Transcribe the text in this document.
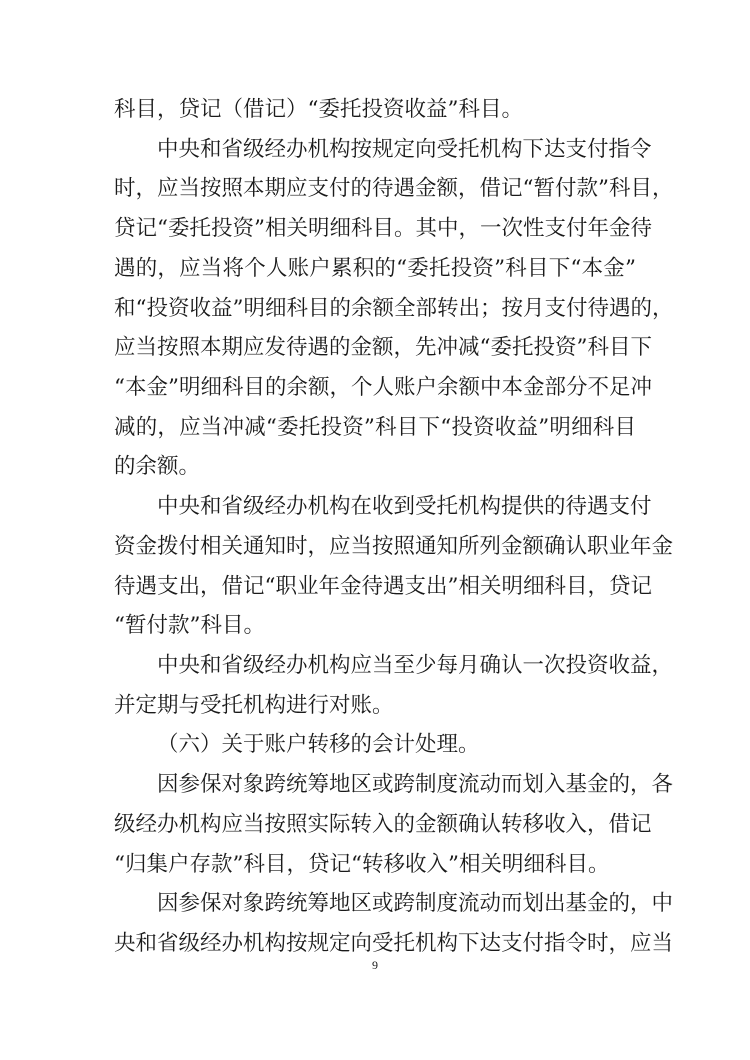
科目，贷记（借记）“委托投资收益”科目。
中央和省级经办机构按规定向受托机构下达支付指令
时，应当按照本期应支付的待遇金额，借记“暂付款”科目，
贷记“委托投资”相关明细科目。其中，一次性支付年金待
遇的，应当将个人账户累积的“委托投资”科目下“本金”
和“投资收益”明细科目的余额全部转出；按月支付待遇的，
应当按照本期应发待遇的金额，先冲减“委托投资”科目下
“本金”明细科目的余额，个人账户余额中本金部分不足冲
减的，应当冲减“委托投资”科目下“投资收益”明细科目
的余额。
中央和省级经办机构在收到受托机构提供的待遇支付
资金拨付相关通知时，应当按照通知所列金额确认职业年金
待遇支出，借记“职业年金待遇支出”相关明细科目，贷记
“暂付款”科目。
中央和省级经办机构应当至少每月确认一次投资收益，
并定期与受托机构进行对账。
（六）关于账户转移的会计处理。
因参保对象跨统筹地区或跨制度流动而划入基金的，各
级经办机构应当按照实际转入的金额确认转移收入，借记
“归集户存款”科目，贷记“转移收入”相关明细科目。
因参保对象跨统筹地区或跨制度流动而划出基金的，中
央和省级经办机构按规定向受托机构下达支付指令时，应当
9
